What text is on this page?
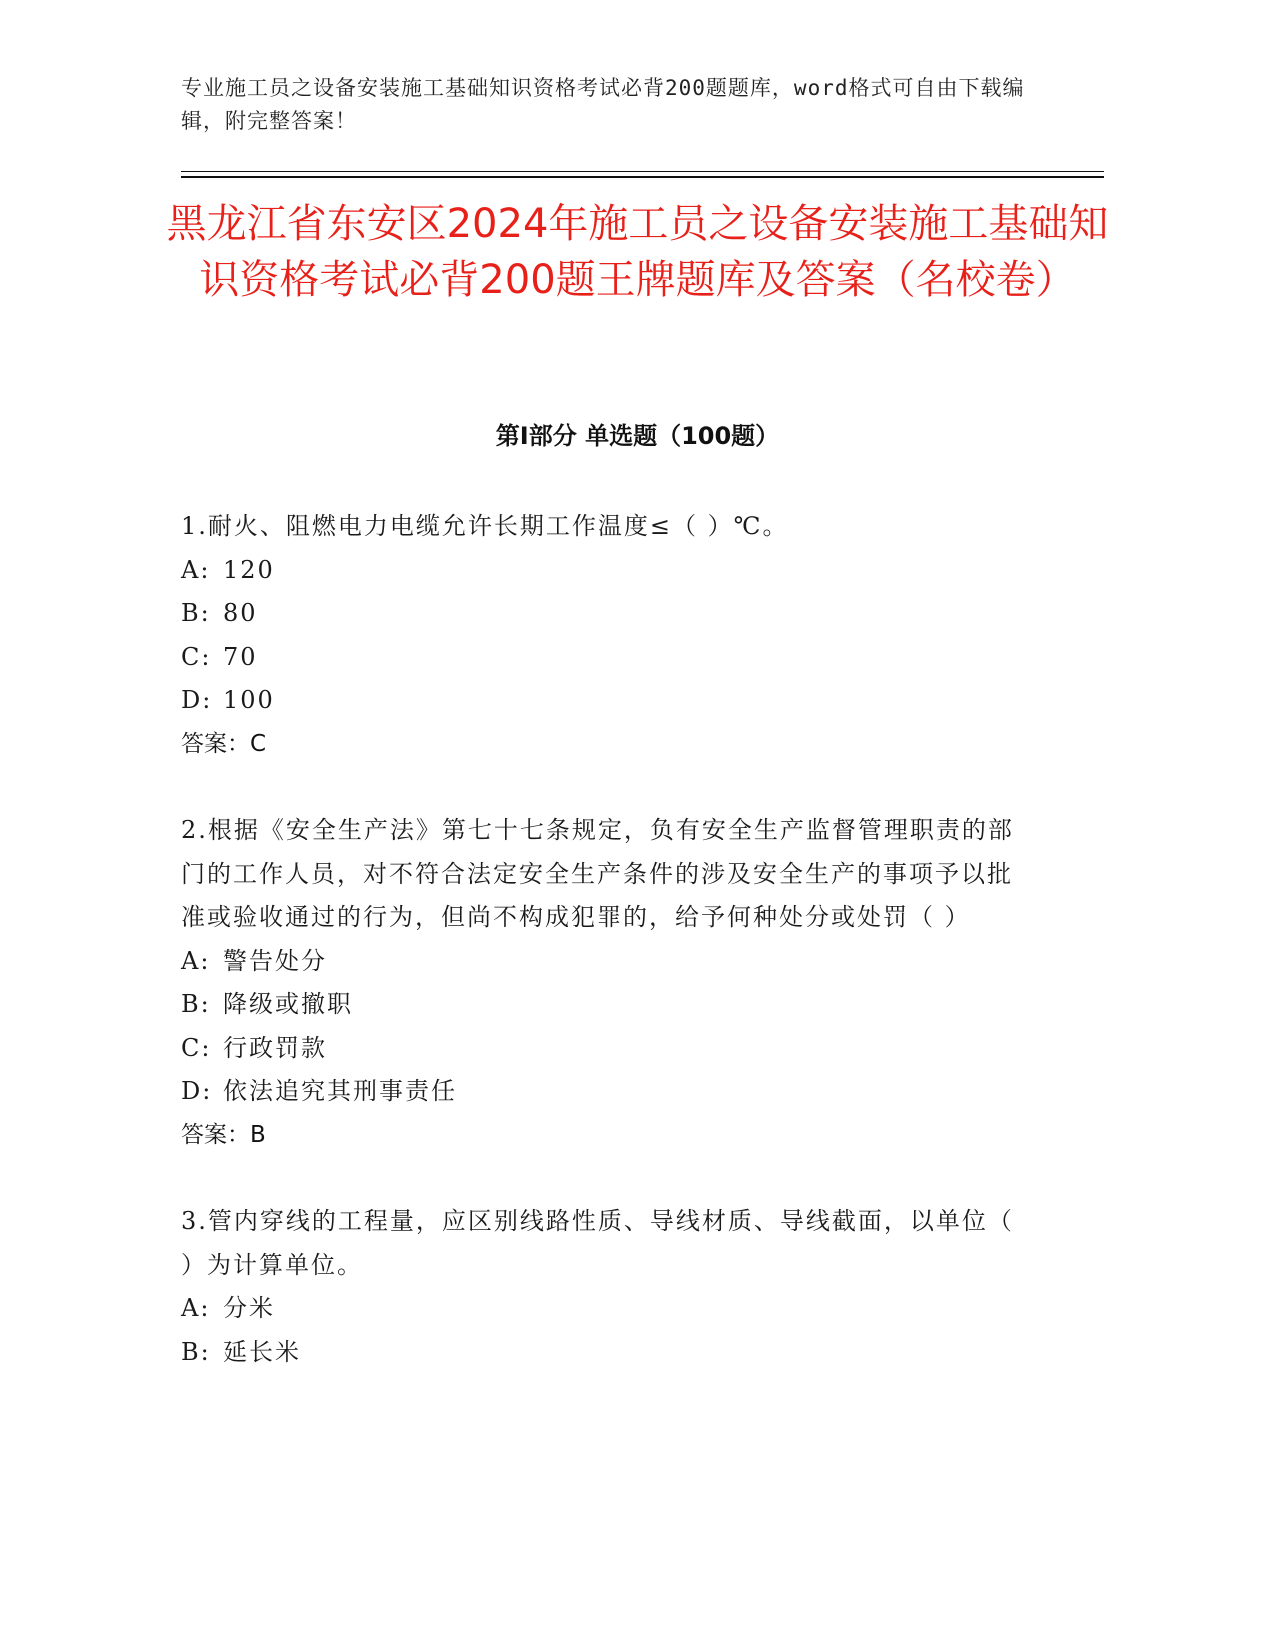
专业施工员之设备安装施工基础知识资格考试必背200题题库，word格式可自由下载编辑，附完整答案！
黑龙江省东安区2024年施工员之设备安装施工基础知识资格考试必背200题王牌题库及答案（名校卷）
第Ⅰ部分 单选题（100题）
1.耐火、阻燃电力电缆允许长期工作温度≤（ ）℃。
A: 120
B: 80
C: 70
D: 100
答案：C
2.根据《安全生产法》第七十七条规定，负有安全生产监督管理职责的部门的工作人员，对不符合法定安全生产条件的涉及安全生产的事项予以批准或验收通过的行为，但尚不构成犯罪的，给予何种处分或处罚（ ）
A: 警告处分
B: 降级或撤职
C: 行政罚款
D: 依法追究其刑事责任
答案：B
3.管内穿线的工程量，应区别线路性质、导线材质、导线截面，以单位（ ）为计算单位。
A: 分米
B: 延长米
